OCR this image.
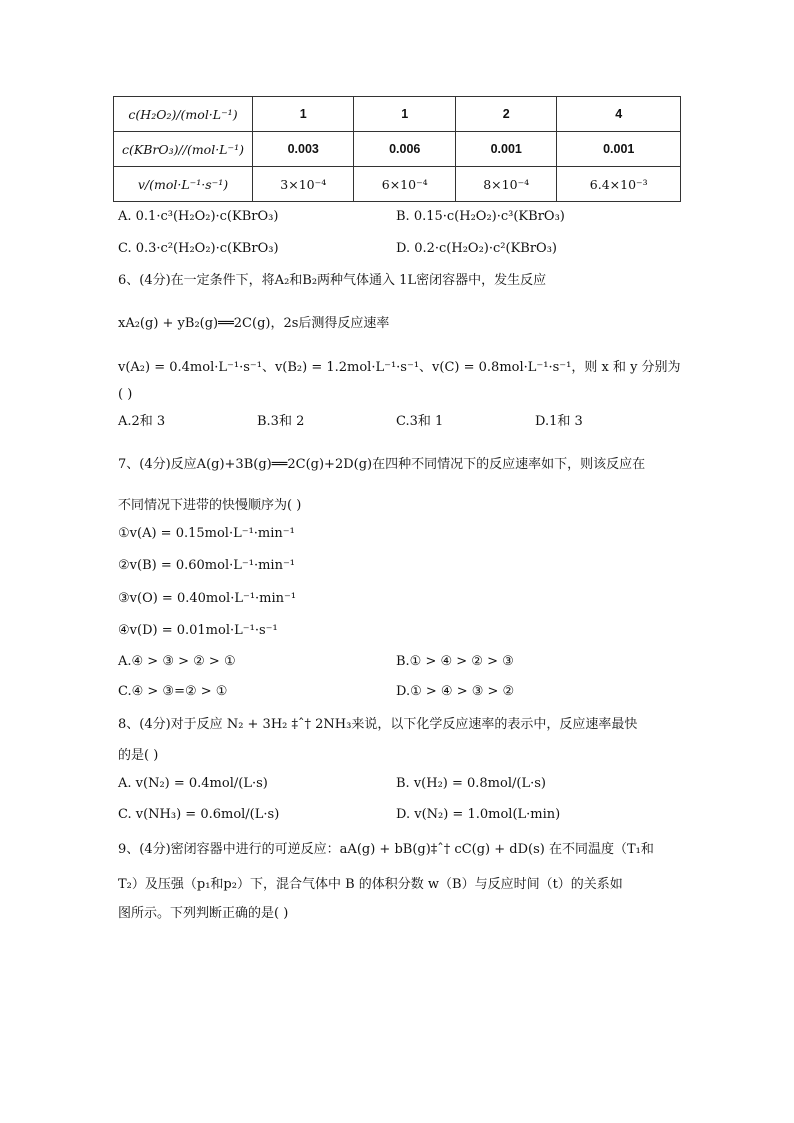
c(H₂O₂)/(mol·L⁻¹)	1	1	2	4
c(KBrO₃)//(mol·L⁻¹)	0.003	0.006	0.001	0.001
v/(mol·L⁻¹·s⁻¹)	3×10⁻⁴	6×10⁻⁴	8×10⁻⁴	6.4×10⁻³
A. 0.1·c³(H₂O₂)·c(KBrO₃)	B. 0.15·c(H₂O₂)·c³(KBrO₃)
C. 0.3·c²(H₂O₂)·c(KBrO₃)	D. 0.2·c(H₂O₂)·c²(KBrO₃)
6、(4分)在一定条件下，将A₂和B₂两种气体通入 1L密闭容器中，发生反应
xA₂(g) + yB₂(g)══2C(g)，2s后测得反应速率
v(A₂) = 0.4mol·L⁻¹·s⁻¹、v(B₂) = 1.2mol·L⁻¹·s⁻¹、v(C) = 0.8mol·L⁻¹·s⁻¹，则 x 和 y 分别为
( )
A.2和 3	B.3和 2	C.3和 1	D.1和 3
7、(4分)反应A(g)+3B(g)══2C(g)+2D(g)在四种不同情况下的反应速率如下，则该反应在
不同情况下进带的快慢顺序为( )
①v(A) = 0.15mol·L⁻¹·min⁻¹
②v(B) = 0.60mol·L⁻¹·min⁻¹
③v(O) = 0.40mol·L⁻¹·min⁻¹
④v(D) = 0.01mol·L⁻¹·s⁻¹
A.④ > ③ > ② > ①	B.① > ④ > ② > ③
C.④ > ③=② > ①	D.① > ④ > ③ > ②
8、(4分)对于反应 N₂ + 3H₂ ‡ˆ† 2NH₃来说，以下化学反应速率的表示中，反应速率最快
的是( )
A. v(N₂) = 0.4mol/(L·s)	B. v(H₂) = 0.8mol/(L·s)
C. v(NH₃) = 0.6mol/(L·s)	D. v(N₂) = 1.0mol(L·min)
9、(4分)密闭容器中进行的可逆反应：aA(g) + bB(g)‡ˆ† cC(g) + dD(s) 在不同温度（T₁和
T₂）及压强（p₁和p₂）下，混合气体中 B 的体积分数 w（B）与反应时间（t）的关系如
图所示。下列判断正确的是( )
